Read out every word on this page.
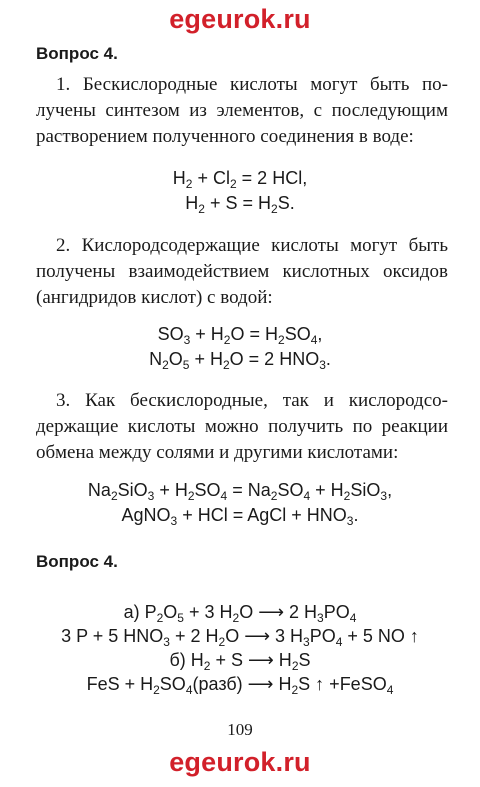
egeurok.ru
Вопрос 4.
1. Бескислородные кислоты могут быть получены синтезом из элементов, с последующим растворением полученного соединения в воде:
$H_2 + Cl_2 = 2$ HCl,
$H_2 + S = H_2S$.
2. Кислородсодержащие кислоты могут быть получены взаимодействием кислотных оксидов (ангидридов кислот) с водой:
$SO_3 + H_2O = H_2SO_4$,
$N_2O_5 + H_2O = 2$ $HNO_3$.
3. Как бескислородные, так и кислородсодержащие кислоты можно получить по реакции обмена между солями и другими кислотами:
$Na_2SiO_3 + H_2SO_4 = Na_2SO_4 + H_2SiO_3$,
AgNO$_3$ + HCl = AgCl + $HNO_3$.
Вопрос 4.
а) $P_2O_5 + 3$ $H_2O$ ⟶ 2 $H_3PO_4$
3 P + 5 $HNO_3 + 2$ $H_2O$ ⟶ 3 $H_3PO_4 + 5$ NO ↑
б) $H_2 + S$ ⟶ $H_2S$
FeS + $H_2SO_4(разб)$ ⟶ $H_2S$ ↑ +FeSO$_4$
109
egeurok.ru
